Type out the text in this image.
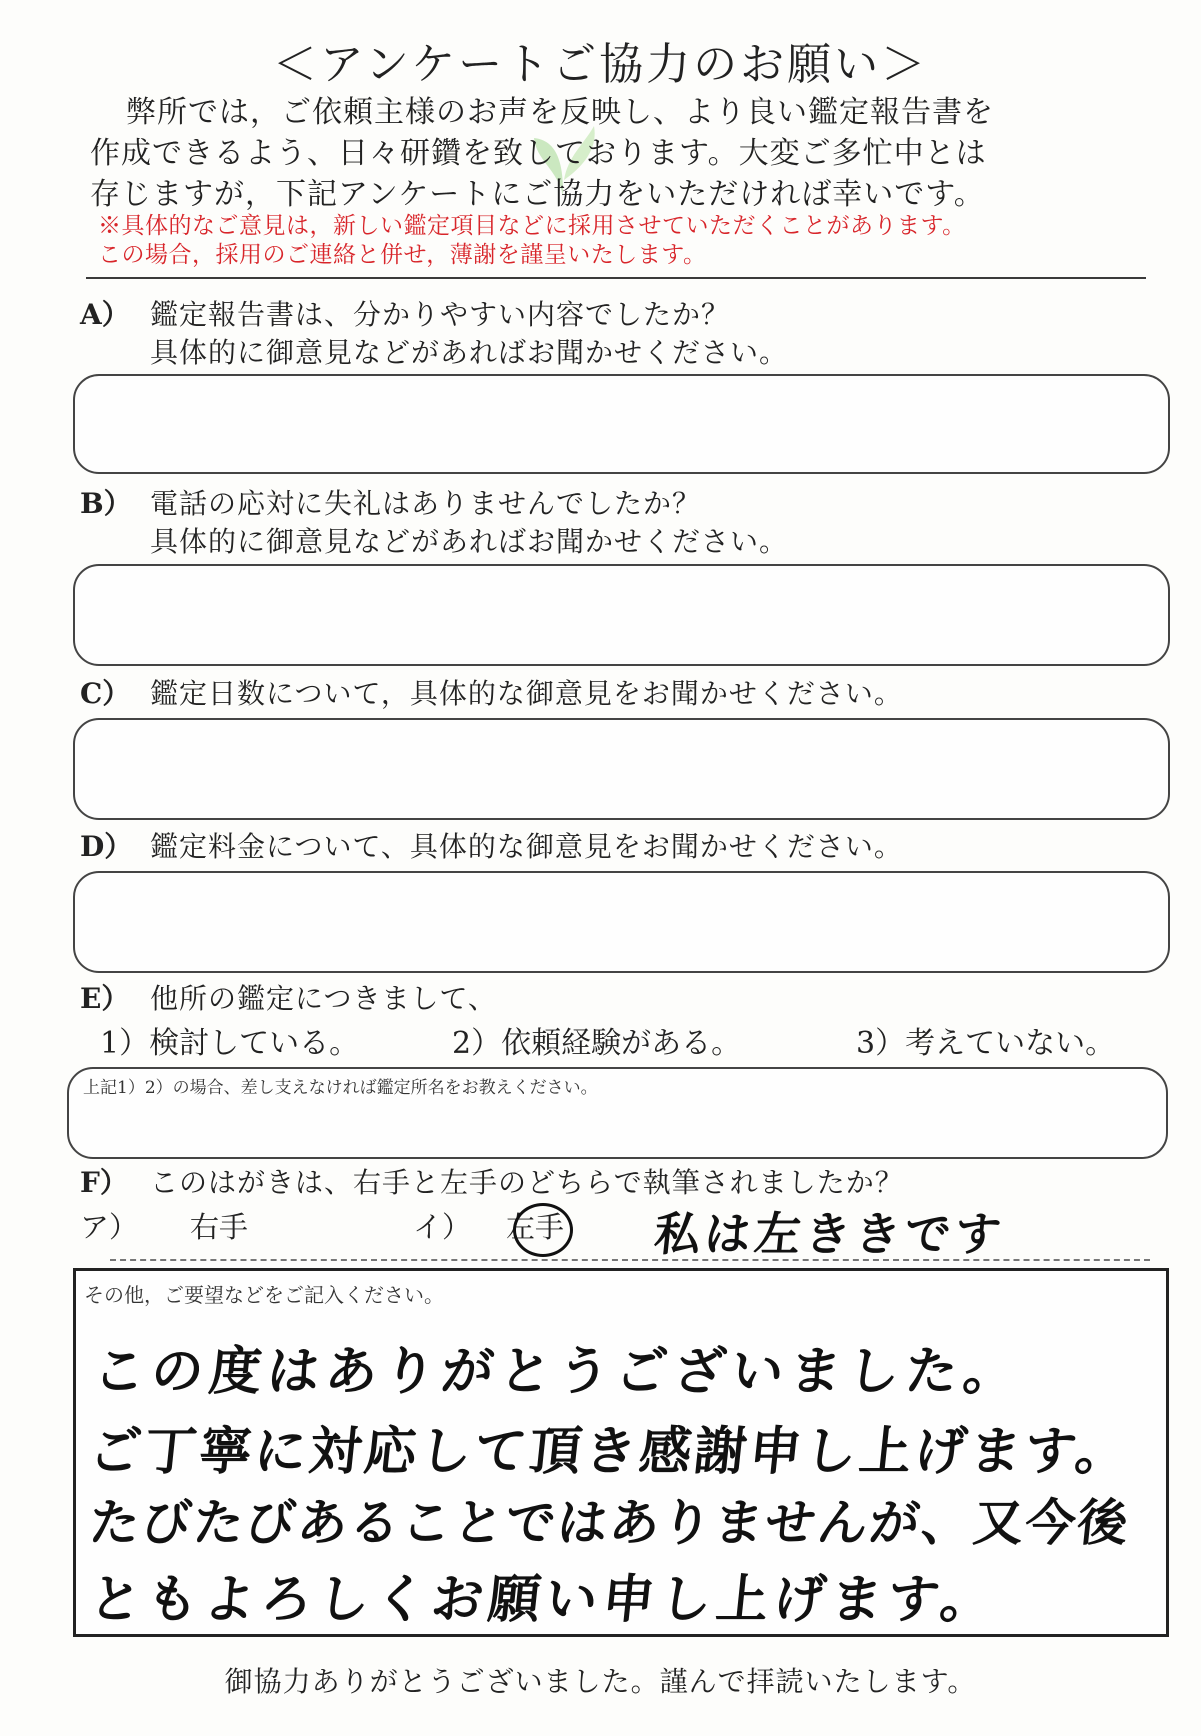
＜アンケートご協力のお願い＞
弊所では，ご依頼主様のお声を反映し、より良い鑑定報告書を
作成できるよう、日々研鑽を致しております。大変ご多忙中とは
存じますが，下記アンケートにご協力をいただければ幸いです。
※具体的なご意見は，新しい鑑定項目などに採用させていただくことがあります。
この場合，採用のご連絡と併せ，薄謝を謹呈いたします。
A） 鑑定報告書は、分かりやすい内容でしたか？
具体的に御意見などがあればお聞かせください。
B） 電話の応対に失礼はありませんでしたか？
具体的に御意見などがあればお聞かせください。
C） 鑑定日数について，具体的な御意見をお聞かせください。
D） 鑑定料金について、具体的な御意見をお聞かせください。
E） 他所の鑑定につきまして、
1）検討している。	2）依頼経験がある。	3）考えていない。
上記1）2）の場合、差し支えなければ鑑定所名をお教えください。
F） このはがきは、右手と左手のどちらで執筆されましたか？
ア） 右手	イ） 左手 私は左ききです
その他，ご要望などをご記入ください。
この度はありがとうございました。
ご丁寧に対応して頂き感謝申し上げます。
たびたびあることではありませんが、又今後
ともよろしくお願い申し上げます。
御協力ありがとうございました。謹んで拝読いたします。
